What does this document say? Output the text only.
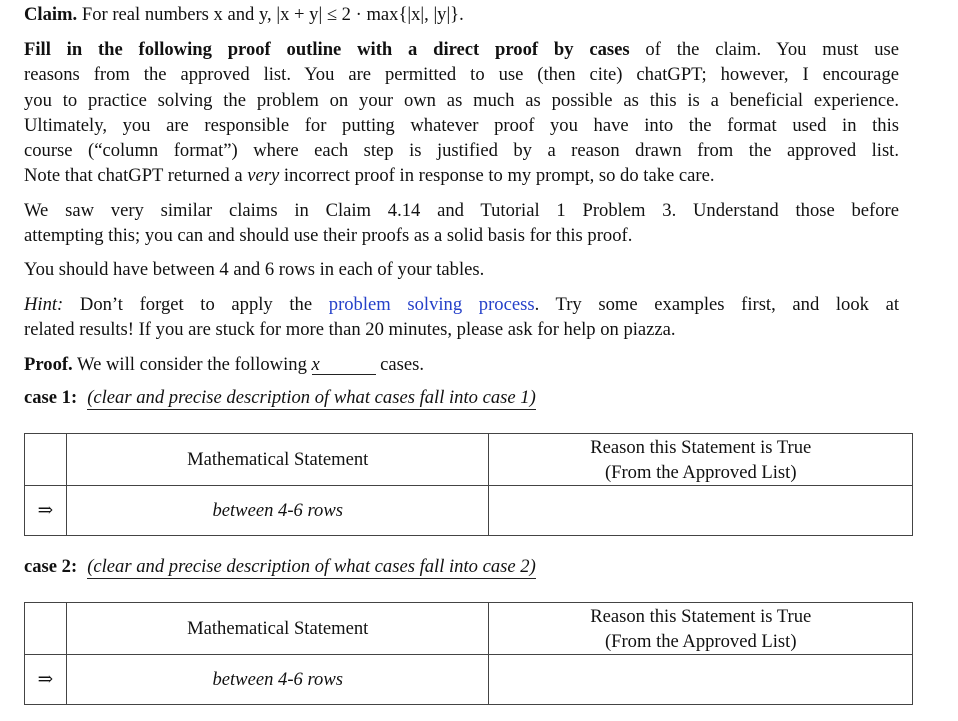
Claim. For real numbers x and y, |x + y| ≤ 2 · max{|x|, |y|}.
Fill in the following proof outline with a direct proof by cases of the claim. You must use
reasons from the approved list. You are permitted to use (then cite) chatGPT; however, I encourage
you to practice solving the problem on your own as much as possible as this is a beneficial experience.
Ultimately, you are responsible for putting whatever proof you have into the format used in this
course (“column format”) where each step is justified by a reason drawn from the approved list.
Note that chatGPT returned a very incorrect proof in response to my prompt, so do take care.
We saw very similar claims in Claim 4.14 and Tutorial 1 Problem 3. Understand those before
attempting this; you can and should use their proofs as a solid basis for this proof.
You should have between 4 and 6 rows in each of your tables.
Hint: Don’t forget to apply the problem solving process. Try some examples first, and look at
related results! If you are stuck for more than 20 minutes, please ask for help on piazza.
Proof. We will consider the following x	cases.
case 1: (clear and precise description of what cases fall into case 1)
	Mathematical Statement	Reason this Statement is True
(From the Approved List)

⇒	between 4-6 rows	
case 2: (clear and precise description of what cases fall into case 2)
	Mathematical Statement	Reason this Statement is True
(From the Approved List)

⇒	between 4-6 rows	
